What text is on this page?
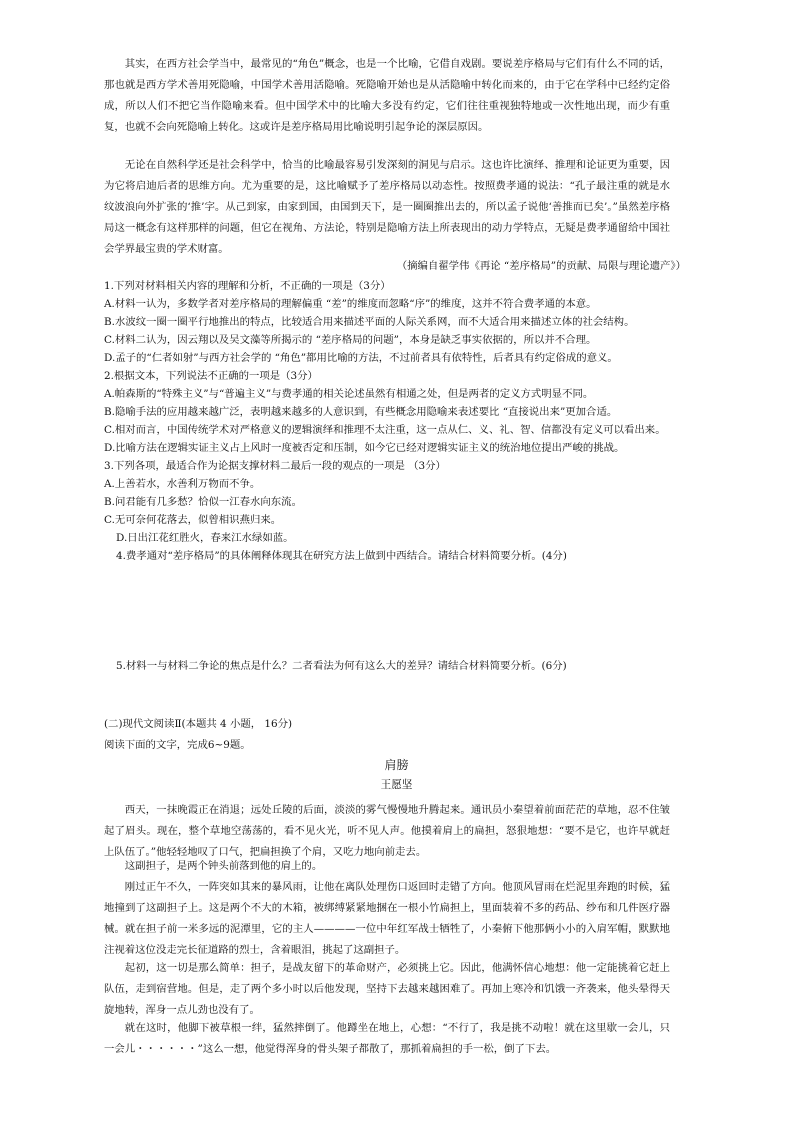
其实，在西方社会学当中，最常见的“角色”概念，也是一个比喻，它借自戏剧。要说差序格局与它们有什么不同的话，那也就是西方学术善用死隐喻，中国学术善用活隐喻。死隐喻开始也是从活隐喻中转化而来的，由于它在学科中已经约定俗成，所以人们不把它当作隐喻来看。但中国学术中的比喻大多没有约定，它们往往重视独特地或一次性地出现，而少有重复，也就不会向死隐喻上转化。这或许是差序格局用比喻说明引起争论的深层原因。

无论在自然科学还是社会科学中，恰当的比喻最容易引发深刻的洞见与启示。这也许比演绎、推理和论证更为重要，因为它将启迪后者的思维方向。尤为重要的是，这比喻赋予了差序格局以动态性。按照费孝通的说法：“孔子最注重的就是水纹波浪向外扩张的‘推’字。从己到家，由家到国，由国到天下，是一圈圈推出去的，所以孟子说他‘善推而已矣’。”虽然差序格局这一概念有这样那样的问题，但它在视角、方法论，特别是隐喻方法上所表现出的动力学特点，无疑是费孝通留给中国社会学界最宝贵的学术财富。

（摘编自翟学伟《再论 “差序格局”的贡献、局限与理论遗产》）
1.下列对材料相关内容的理解和分析，不正确的一项是（3分）
A.材料一认为，多数学者对差序格局的理解偏重 “差”的维度而忽略“序”的维度，这并不符合费孝通的本意。
B.水波纹一圈一圈平行地推出的特点，比较适合用来描述平面的人际关系网，而不大适合用来描述立体的社会结构。
C.材料二认为，因云翔以及吴文藻等所揭示的 “差序格局的问题”，本身是缺乏事实依据的，所以并不合理。
D.孟子的“仁者如射”与西方社会学的 “角色”都用比喻的方法，不过前者具有依特性，后者具有约定俗成的意义。
2.根据文本，下列说法不正确的一项是（3分）
A.帕森斯的“特殊主义”与“普遍主义”与费孝通的相关论述虽然有相通之处，但是两者的定义方式明显不同。
B.隐喻手法的应用越来越广泛，表明越来越多的人意识到，有些概念用隐喻来表述要比 “直接说出来”更加合适。
C.相对而言，中国传统学术对严格意义的逻辑演绎和推理不太注重，这一点从仁、义、礼、智、信都没有定义可以看出来。
D.比喻方法在逻辑实证主义占上风时一度被否定和压制，如今它已经对逻辑实证主义的统治地位提出严峻的挑战。
3.下列各项，最适合作为论据支撑材料二最后一段的观点的一项是 （3分）
A.上善若水，水善利万物而不争。
B.问君能有几多愁？恰似一江春水向东流。
C.无可奈何花落去，似曾相识燕归来。
D.日出江花红胜火，春来江水绿如蓝。
4.费孝通对“差序格局”的具体阐释体现其在研究方法上做到中西结合。请结合材料简要分析。(4分)
5.材料一与材料二争论的焦点是什么？二者看法为何有这么大的差异？请结合材料简要分析。(6分)
(二)现代文阅读Ⅱ(本题共 4 小题， 16分)
阅读下面的文字，完成6~9题。
肩膀
王愿坚

西天，一抹晚霞正在消退；远处丘陵的后面，淡淡的雾气慢慢地升腾起来。通讯员小秦望着前面茫茫的草地，忍不住皱起了眉头。现在，整个草地空荡荡的，看不见火光，听不见人声。他摸着肩上的扁担，怒狠地想：“要不是它，也许早就赶上队伍了。”他轻轻地叹了口气，把扁担换了个肩，又吃力地向前走去。

这副担子，是两个钟头前落到他的肩上的。

刚过正午不久，一阵突如其来的暴风雨，让他在离队处理伤口返回时走错了方向。他顶风冒雨在烂泥里奔跑的时候，猛地撞到了这副担子上。这是两个不大的木箱，被绑缚紧紧地捆在一根小竹扁担上，里面装着不多的药品、纱布和几件医疗器械。就在担子前一米多远的泥潭里，它的主人————一位中年红军战士牺牲了，小秦俯下他那俩小小的入肩军帽，默默地注视着这位没走完长征道路的烈士，含着眼泪，挑起了这副担子。

起初，这一切是那么简单：担子，是战友留下的革命财产，必须挑上它。因此，他满怀信心地想：他一定能挑着它赶上队伍，走到宿营地。但是，走了两个多小时以后他发现，坚持下去越来越困难了。再加上寒冷和饥饿一齐袭来，他头晕得天旋地转，浑身一点儿劲也没有了。

就在这时，他脚下被草根一绊，猛然摔倒了。他蹲坐在地上，心想：“不行了，我是挑不动啦！就在这里歇一会儿，只一会儿・・・・・・”这么一想，他觉得浑身的骨头架子都散了，那抓着扁担的手一松，倒了下去。
